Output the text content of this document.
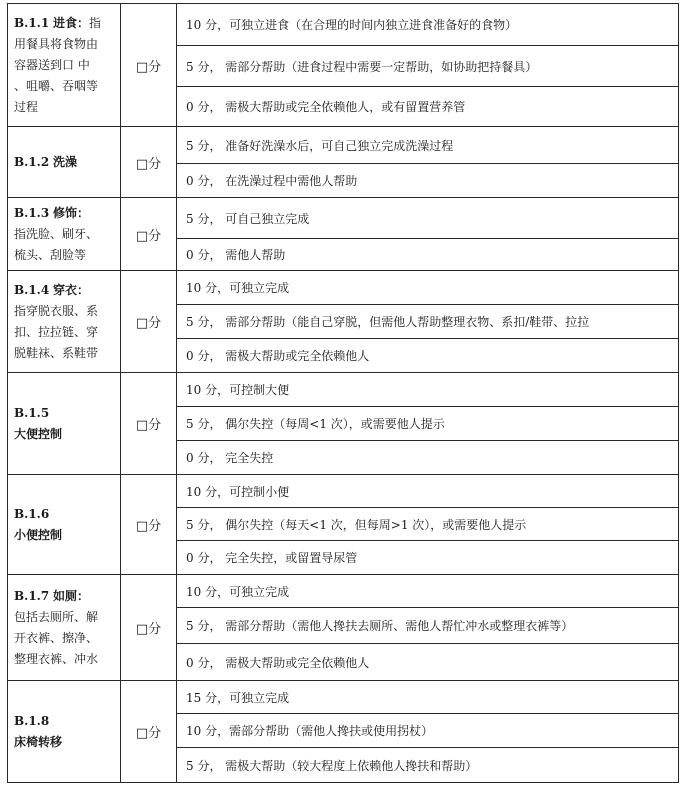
B.1.1 进食：指
用餐具将食物由
容器送到口 中
、咀嚼、吞咽等
过程
□分
10 分，可独立进食（在合理的时间内独立进食准备好的食物）
5 分， 需部分帮助（进食过程中需要一定帮助，如协助把持餐具）
0 分， 需极大帮助或完全依赖他人，或有留置营养管
B.1.2 洗澡	□分
5 分， 准备好洗澡水后，可自己独立完成洗澡过程
0 分， 在洗澡过程中需他人帮助
B.1.3 修饰：
指洗脸、刷牙、
梳头、刮脸等
□分
5 分， 可自己独立完成
0 分， 需他人帮助
B.1.4 穿衣：
指穿脱衣服、系
扣、拉拉链、穿
脱鞋袜、系鞋带
□分
10 分，可独立完成
5 分， 需部分帮助（能自己穿脱，但需他人帮助整理衣物、系扣/鞋带、拉拉
0 分， 需极大帮助或完全依赖他人
B.1.5
大便控制
□分
10 分，可控制大便
5 分， 偶尔失控（每周<1 次），或需要他人提示
0 分， 完全失控
B.1.6
小便控制
□分
10 分，可控制小便
5 分， 偶尔失控（每天<1 次，但每周>1 次），或需要他人提示
0 分， 完全失控，或留置导尿管
B.1.7 如厕：
包括去厕所、解
开衣裤、擦净、
整理衣裤、冲水
□分
10 分，可独立完成
5 分， 需部分帮助（需他人搀扶去厕所、需他人帮忙冲水或整理衣裤等）
0 分， 需极大帮助或完全依赖他人
B.1.8
床椅转移
□分
15 分，可独立完成
10 分，需部分帮助（需他人搀扶或使用拐杖）
5 分， 需极大帮助（较大程度上依赖他人搀扶和帮助）
